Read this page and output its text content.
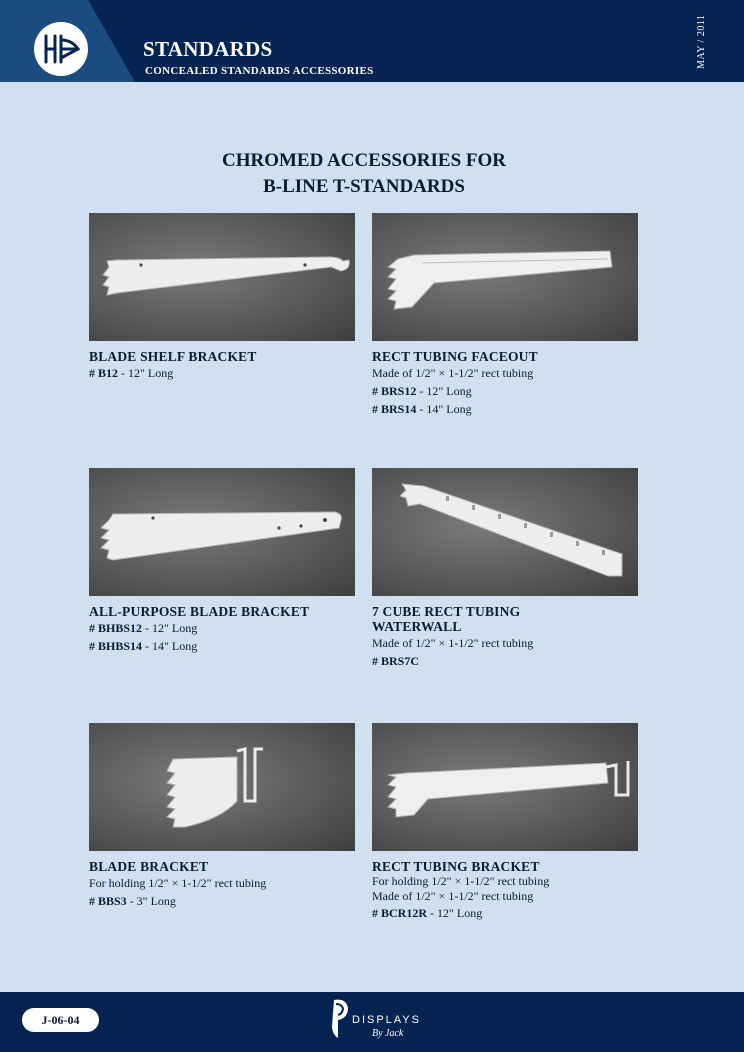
STANDARDS
CONCEALED STANDARDS ACCESSORIES
MAY / 2011
CHROMED ACCESSORIES FOR
B-LINE T-STANDARDS
BLADE SHELF BRACKET
# B12 - 12" Long
RECT TUBING FACEOUT
Made of 1/2" × 1-1/2" rect tubing
# BRS12 - 12" Long
# BRS14 - 14" Long
ALL-PURPOSE BLADE BRACKET
# BHBS12 - 12" Long
# BHBS14 - 14" Long
7 CUBE RECT TUBING
WATERWALL
Made of 1/2" × 1-1/2" rect tubing
# BRS7C
BLADE BRACKET
For holding 1/2" × 1-1/2" rect tubing
# BBS3 - 3" Long
RECT TUBING BRACKET
For holding 1/2" × 1-1/2" rect tubing
Made of 1/2" × 1-1/2" rect tubing
# BCR12R - 12" Long
J-06-04	DISPLAYS
By Jack
